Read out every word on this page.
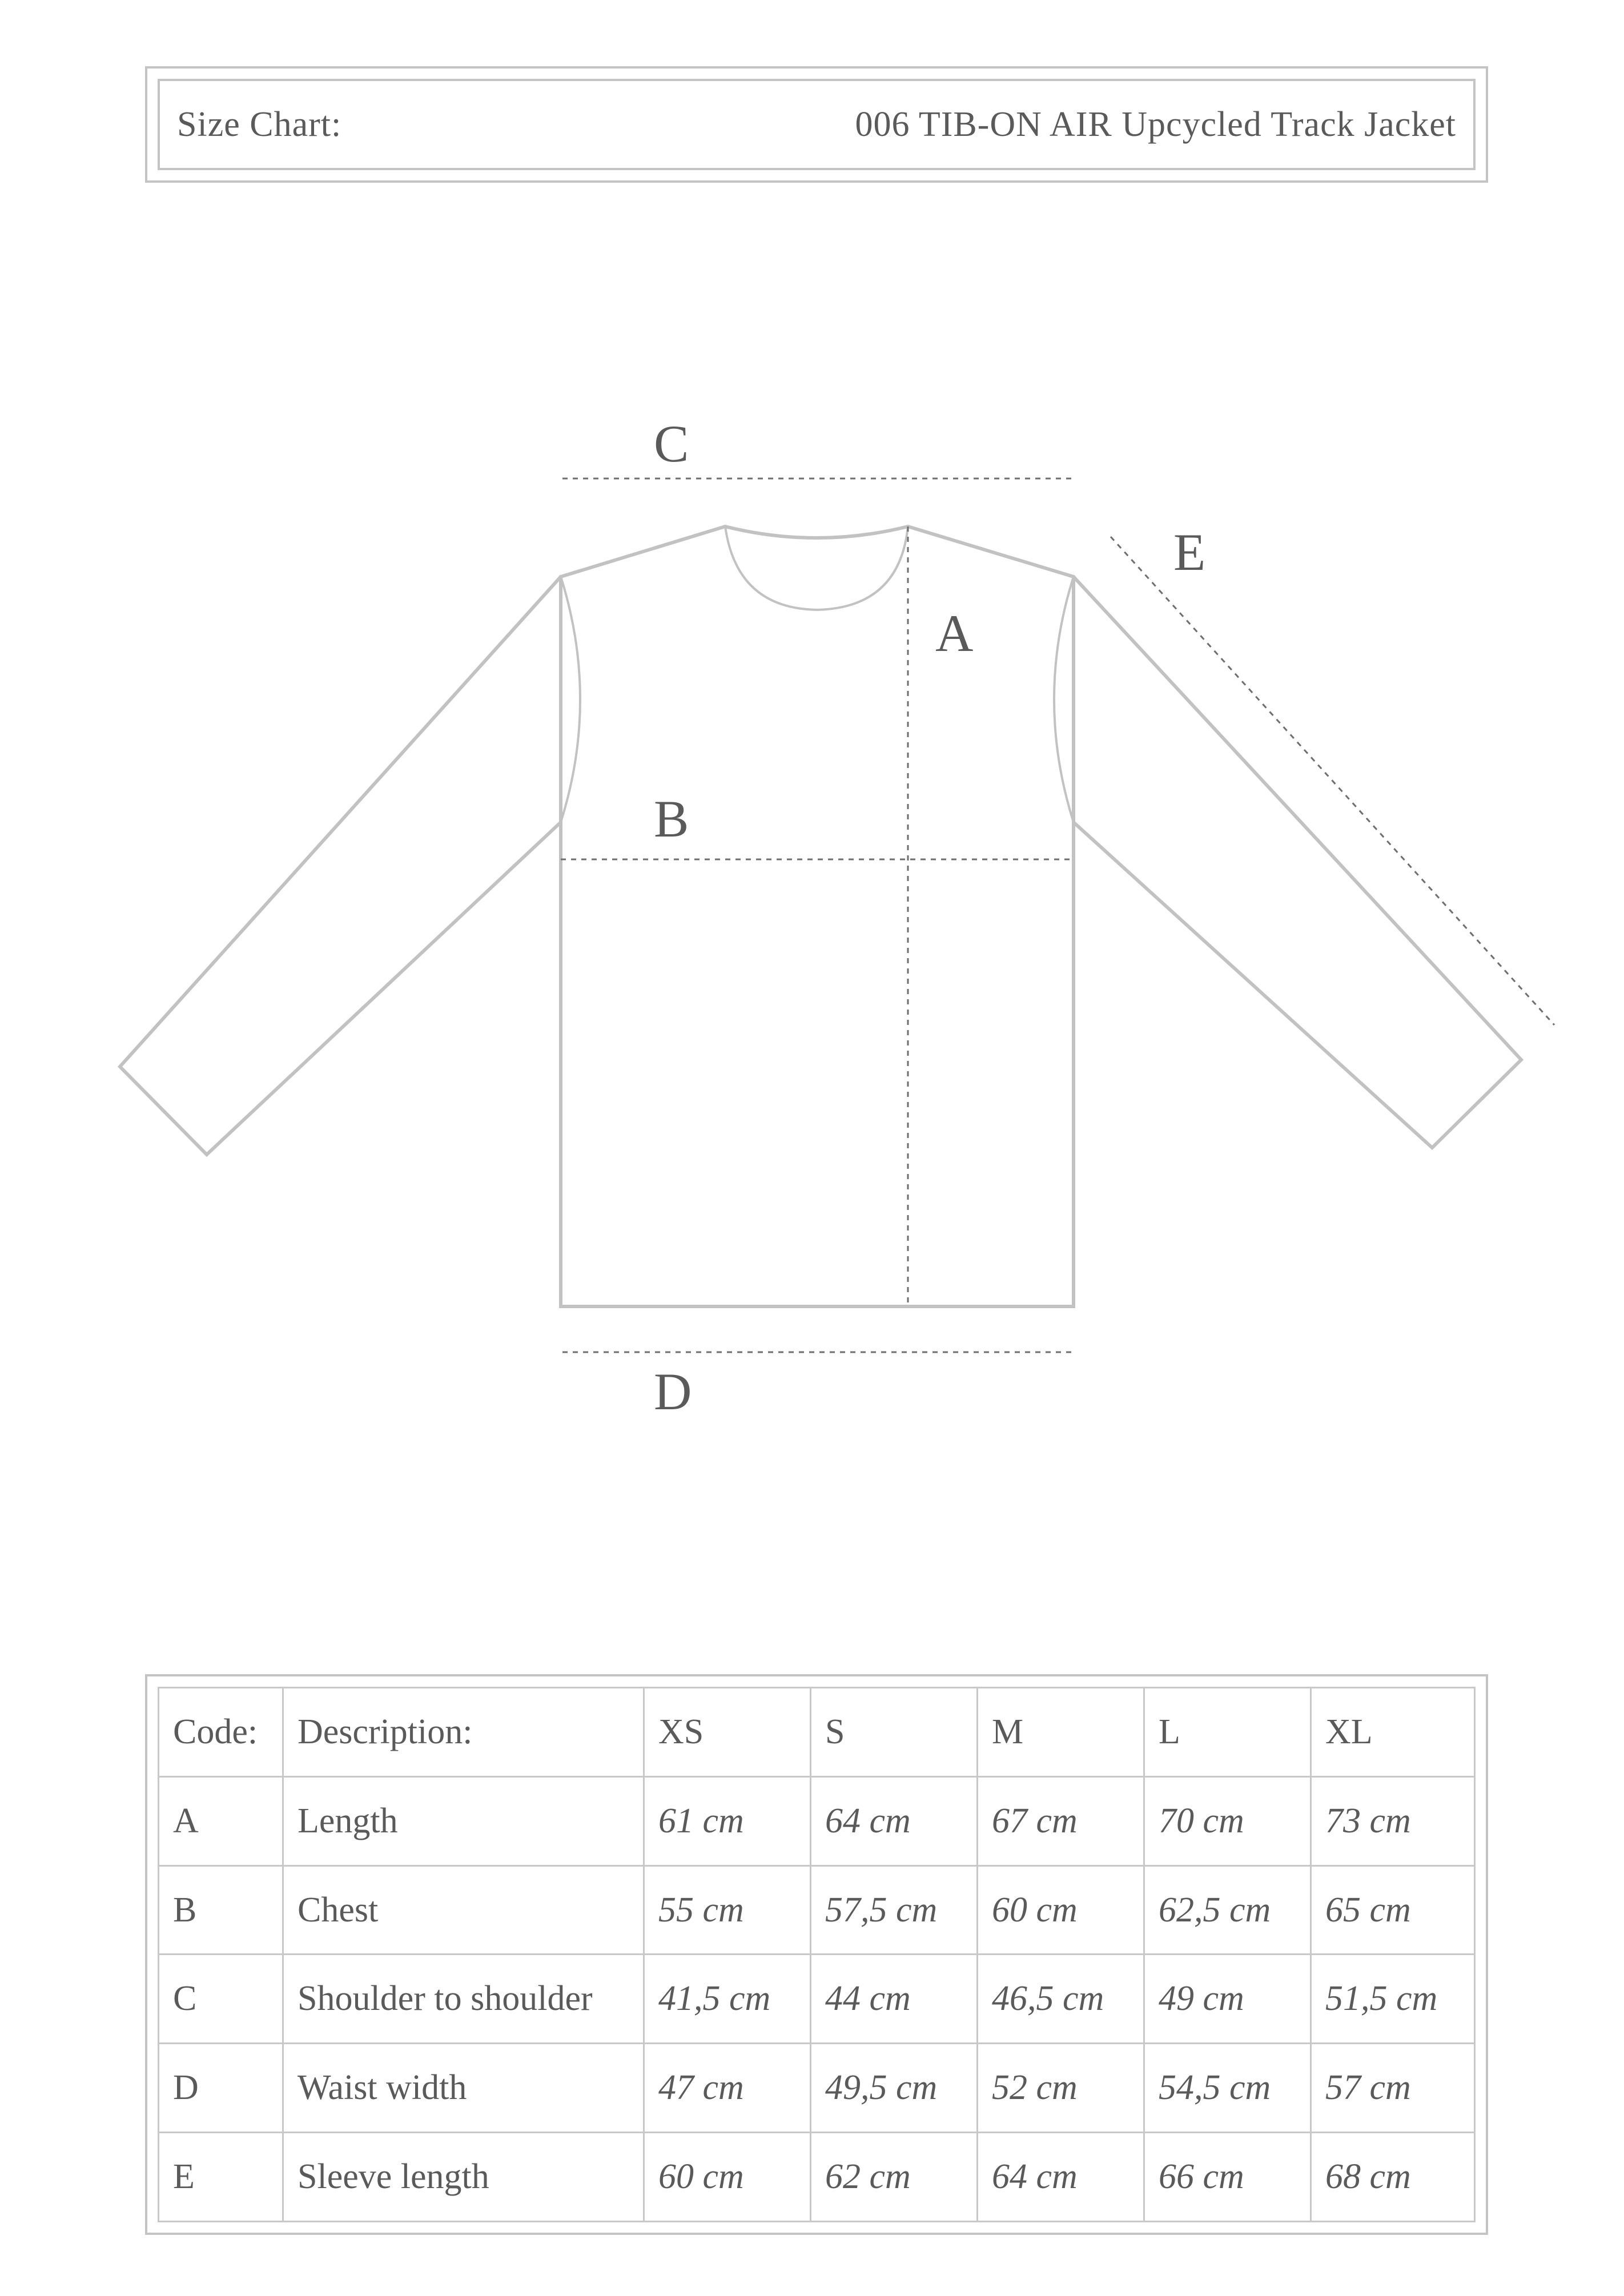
Size Chart:	006 TIB-ON AIR Upcycled Track Jacket
C
A
B
D
E
Code:	Description:	XS	S	M	L	XL
A	Length	61 cm	64 cm	67 cm	70 cm	73 cm
B	Chest	55 cm	57,5 cm	60 cm	62,5 cm	65 cm
C	Shoulder to shoulder	41,5 cm	44 cm	46,5 cm	49 cm	51,5 cm
D	Waist width	47 cm	49,5 cm	52 cm	54,5 cm	57 cm
E	Sleeve length	60 cm	62 cm	64 cm	66 cm	68 cm
